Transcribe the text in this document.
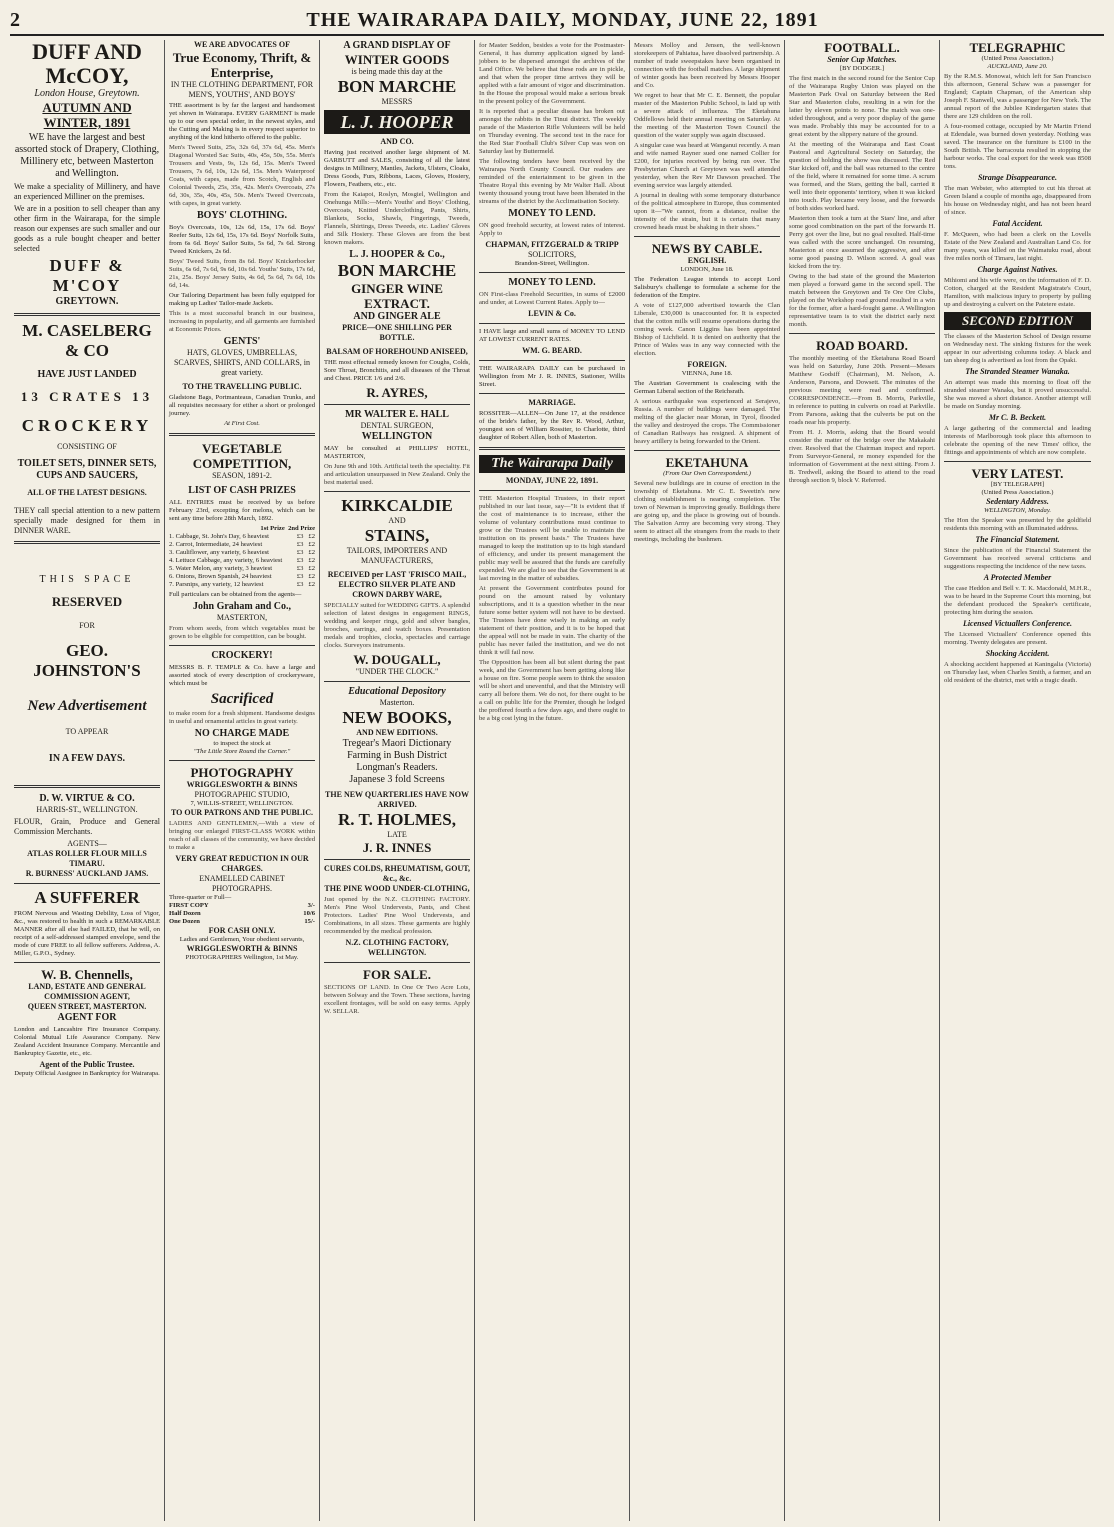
2	THE WAIRARAPA DAILY, MONDAY, JUNE 22, 1891
DUFF AND McCOY,
London House, Greytown.
AUTUMN AND WINTER, 1891

WE have the largest and best assorted stock of Drapery, Clothing, Millinery etc, between Masterton and Wellington.

We make a speciality of Millinery, and have an experienced Milliner on the premises.

We are in a position to sell cheaper than any other firm in the Wairarapa, for the simple reason our expenses are such smaller and our goods as a rule bought cheaper and better selected

DUFF & M'COY
GREYTOWN.
M. CASELBERG & CO
HAVE JUST LANDED
13 CRATES 13
CROCKERY
CONSISTING OF
TOILET SETS, DINNER SETS, CUPS AND SAUCERS,
ALL OF THE LATEST DESIGNS.

THEY call special attention to a new pattern specially made designed for them in DINNER WARE.

THIS SPACE
RESERVED
FOR
GEO.
JOHNSTON'S
New Advertisement
TO APPEAR
IN A FEW DAYS.
D. W. VIRTUE & CO.
HARRIS-ST., WELLINGTON.

FLOUR, Grain, Produce and General Commission Merchants.

AGENTS—
ATLAS ROLLER FLOUR MILLS TIMARU.
R. BURNESS' AUCKLAND JAMS.
A SUFFERER

FROM Nervous and Wasting Debility, Loss of Vigor, &c., was restored to health in such a REMARKABLE MANNER after all else had FAILED, that he will, on receipt of a self-addressed stamped envelope, send the mode of cure FREE to all fellow sufferers. Address, A. Miller, G.P.O., Sydney.

W. B. Chennells,
LAND, ESTATE AND GENERAL COMMISSION AGENT,
QUEEN STREET, MASTERTON.
AGENT FOR

London and Lancashire Fire Insurance Company. Colonial Mutual Life Assurance Company. New Zealand Accident Insurance Company. Mercantile and Bankruptcy Gazette, etc., etc.

Agent of the Public Trustee.
Deputy Official Assignee in Bankruptcy for Wairarapa.
WE ARE ADVOCATES OF
True Economy, Thrift, & Enterprise,
IN THE CLOTHING DEPARTMENT, FOR MEN'S, YOUTHS', AND BOYS'

THE assortment is by far the largest and handsomest yet shown in Wairarapa. EVERY GARMENT is made up to our own special order, in the newest styles, and the Cutting and Making is in every respect superior to anything of the kind hitherto offered to the public.

Men's Tweed Suits, 25s, 32s 6d, 37s 6d, 45s. Men's Diagonal Worsted Sac Suits, 40s, 45s, 50s, 55s. Men's Trousers and Vests, 9s, 12s 6d, 15s. Men's Tweed Trousers, 7s 6d, 10s, 12s 6d, 15s. Men's Waterproof Coats, with capes, made from Scotch, English and Colonial Tweeds, 25s, 35s, 42s. Men's Overcoats, 27s 6d, 30s, 35s, 40s, 45s, 50s. Men's Tweed Overcoats, with capes, in great variety.

BOYS' CLOTHING.

Boy's Overcoats, 10s, 12s 6d, 15s, 17s 6d. Boys' Reefer Suits, 12s 6d, 15s, 17s 6d. Boys' Norfolk Suits, from 6s 6d. Boys' Sailor Suits, 5s 6d, 7s 6d. Strong Tweed Knickers, 2s 6d.

Boys' Tweed Suits, from 8s 6d. Boys' Knickerbocker Suits, 6s 6d, 7s 6d, 9s 6d, 10s 6d. Youths' Suits, 17s 6d, 21s, 25s. Boys' Jersey Suits, 4s 6d, 5s 6d, 7s 6d, 10s 6d, 14s.

Our Tailoring Department has been fully equipped for making up Ladies' Tailor-made Jackets.

This is a most successful branch in our business, increasing in popularity, and all garments are furnished at Economic Prices.

GENTS'
HATS, GLOVES, UMBRELLAS, SCARVES, SHIRTS, AND COLLARS, in great variety.
TO THE TRAVELLING PUBLIC.

Gladstone Bags, Portmanteaus, Canadian Trunks, and all requisites necessary for either a short or prolonged journey.

At First Cost.
VEGETABLE COMPETITION,
SEASON, 1891-2.
LIST OF CASH PRIZES

ALL ENTRIES must be received by us before February 23rd, excepting for melons, which can be sent any time before 28th March, 1892.

1st Prize 2nd Prize
1. Cabbage, St. John's Day, 6 heaviest	£3 £2
2. Carrot, Intermediate, 24 heaviest	£3 £2
3. Cauliflower, any variety, 6 heaviest	£3 £2
4. Lettuce Cabbage, any variety, 6 heaviest £3 £2
5. Water Melon, any variety, 3 heaviest	£3 £2
6. Onions, Brown Spanish, 24 heaviest	£3 £2
7. Parsnips, any variety, 12 heaviest	£3 £2

Full particulars can be obtained from the agents—

John Graham and Co.,
MASTERTON,

From whom seeds, from which vegetables must be grown to be eligible for competition, can be bought.

CROCKERY!

MESSRS B. F. TEMPLE & Co. have a large and assorted stock of every description of crockeryware, which must be

Sacrificed

to make room for a fresh shipment. Handsome designs in useful and ornamental articles in great variety.

NO CHARGE MADE
to inspect the stock at
"The Little Store Round the Corner."
PHOTOGRAPHY
WRIGGLESWORTH & BINNS
PHOTOGRAPHIC STUDIO,
7, WILLIS-STREET, WELLINGTON.
TO OUR PATRONS AND THE PUBLIC.

LADIES AND GENTLEMEN,—With a view of bringing our enlarged FIRST-CLASS WORK within reach of all classes of the community, we have decided to make a

VERY GREAT REDUCTION IN OUR CHARGES.
ENAMELLED CABINET PHOTOGRAPHS.
Three-quarter or Full—
FIRST COPY	3/-
Half Dozen	10/6
One Dozen	15/-
FOR CASH ONLY.
Ladies and Gentlemen, Your obedient servants,
WRIGGLESWORTH & BINNS
PHOTOGRAPHERS Wellington, 1st May.
A GRAND DISPLAY OF
WINTER GOODS
is being made this day at the
BON MARCHE
MESSRS
L. J. HOOPER
AND CO.

Having just received another large shipment of M. GARBUTT and SALES, consisting of all the latest designs in Millinery, Mantles, Jackets, Ulsters, Cloaks, Dress Goods, Furs, Ribbons, Laces, Gloves, Hosiery, Flowers, Feathers, etc., etc.

From the Kaiapoi, Roslyn, Mosgiel, Wellington and Onehunga Mills:—Men's Youths' and Boys' Clothing, Overcoats, Knitted Underclothing, Pants, Shirts, Blankets, Socks, Shawls, Fingerings, Tweeds, Flannels, Shirtings, Dress Tweeds, etc. Ladies' Gloves and Silk Hosiery. These Gloves are from the best known makers.

L. J. HOOPER & Co.,
BON MARCHE
GINGER WINE EXTRACT.
AND GINGER ALE
PRICE—ONE SHILLING PER BOTTLE.
BALSAM OF HOREHOUND ANISEED,

THE most effectual remedy known for Coughs, Colds, Sore Throat, Bronchitis, and all diseases of the Throat and Chest. PRICE 1/6 and 2/6.

R. AYRES,
MR WALTER E. HALL
DENTAL SURGEON,
WELLINGTON

MAY be consulted at PHILLIPS' HOTEL, MASTERTON,

On June 9th and 10th. Artificial teeth the speciality. Fit and articulation unsurpassed in New Zealand. Only the best material used.

KIRKCALDIE
AND
STAINS,
TAILORS, IMPORTERS AND MANUFACTURERS,
RECEIVED per LAST 'FRISCO MAIL,
ELECTRO SILVER PLATE AND CROWN DARBY WARE,

SPECIALLY suited for WEDDING GIFTS. A splendid selection of latest designs in engagement RINGS, wedding and keeper rings, gold and silver bangles, brooches, earrings, and watch boxes. Presentation medals and trophies, clocks, spectacles and carriage clocks. Surveyors instruments.

W. DOUGALL,
"UNDER THE CLOCK."
Educational Depository
Masterton.
NEW BOOKS,
AND NEW EDITIONS.
Tregear's Maori Dictionary
Farming in Bush District
Longman's Readers.
Japanese 3 fold Screens
THE NEW QUARTERLIES HAVE NOW ARRIVED.
R. T. HOLMES,
LATE
J. R. INNES
CURES COLDS, RHEUMATISM, GOUT, &c., &c.
THE PINE WOOD UNDER-CLOTHING,

Just opened by the N.Z. CLOTHING FACTORY. Men's Pine Wool Undervests, Pants, and Chest Protectors. Ladies' Pine Wool Undervests, and Combinations, in all sizes. These garments are highly recommended by the medical profession.

N.Z. CLOTHING FACTORY, WELLINGTON.
FOR SALE.

SECTIONS OF LAND. In One Or Two Acre Lots, between Solway and the Town. These sections, having excellent frontages, will be sold on easy terms. Apply W. SELLAR.

for Master Seddon, besides a vote for the Postmaster-General, it has dummy application signed by land-jobbers to be dispersed amongst the archives of the Land Office. We believe that these rods are in pickle, and that when the proper time arrives they will be applied with a fair amount of vigor and discrimination. In the House the proposal would make a serious break in the present policy of the Government.

It is reported that a peculiar disease has broken out amongst the rabbits in the Tinui district. The weekly parade of the Masterton Rifle Volunteers will be held on Thursday evening. The second test in the race for the Red Star Football Club's Silver Cup was won on Saturday last by Buttermeld.

The following tenders have been received by the Wairarapa North County Council. Our readers are reminded of the entertainment to be given in the Theatre Royal this evening by Mr Walter Hall. About twenty thousand young trout have been liberated in the streams of the district by the Acclimatisation Society.

MONEY TO LEND.

ON good freehold security, at lowest rates of interest. Apply to

CHAPMAN, FITZGERALD & TRIPP
SOLICITORS,
Brandon-Street, Wellington.
MONEY TO LEND.

ON First-class Freehold Securities, in sums of £2000 and under, at Lowest Current Rates. Apply to—

LEVIN & Co.

I HAVE large and small sums of MONEY TO LEND AT LOWEST CURRENT RATES.

WM. G. BEARD.

THE WAIRARAPA DAILY can be purchased in Wellington from Mr J. R. INNES, Stationer, Willis Street.

MARRIAGE.

ROSSITER—ALLEN—On June 17, at the residence of the bride's father, by the Rev R. Wood, Arthur, youngest son of William Rossiter, to Charlotte, third daughter of Robert Allen, both of Masterton.

The Wairarapa Daily
MONDAY, JUNE 22, 1891.

THE Masterton Hospital Trustees, in their report published in our last issue, say—"It is evident that if the cost of maintenance is to increase, either the volume of voluntary contributions must continue to grow or the Trustees will be unable to maintain the institution on its present basis." The Trustees have managed to keep the institution up to its high standard of efficiency, and under its present management the public may well be assured that the funds are carefully expended. We are glad to see that the Government is at last moving in the matter of subsidies.

At present the Government contributes pound for pound on the amount raised by voluntary subscriptions, and it is a question whether in the near future some better system will not have to be devised. The Trustees have done wisely in making an early statement of their position, and it is to be hoped that the appeal will not be made in vain. The charity of the public has never failed the institution, and we do not think it will fail now.

The Opposition has been all but silent during the past week, and the Government has been getting along like a house on fire. Some people seem to think the session will be short and uneventful, and that the Ministry will carry all before them. We do not, for there ought to be a call on public life for the Premier, though he lodged the proffered fourth a few days ago, and there ought to be a big cost lying in the future.

Messrs Molloy and Jensen, the well-known storekeepers of Pahiatua, have dissolved partnership. A number of trade sweepstakes have been organised in connection with the football matches. A large shipment of winter goods has been received by Messrs Hooper and Co.

We regret to hear that Mr C. E. Bennett, the popular master of the Masterton Public School, is laid up with a severe attack of influenza. The Eketahuna Oddfellows held their annual meeting on Saturday. At the meeting of the Masterton Town Council the question of the water supply was again discussed.

A singular case was heard at Wanganui recently. A man and wife named Rayner sued one named Collier for £200, for injuries received by being run over. The Presbyterian Church at Greytown was well attended yesterday, when the Rev Mr Dawson preached. The evening service was largely attended.

A journal in dealing with some temporary disturbance of the political atmosphere in Europe, thus commented upon it—"We cannot, from a distance, realise the intensity of the strain, but it is certain that many crowned heads must be shaking in their shoes."

NEWS BY CABLE.
ENGLISH.
LONDON, June 18.

The Federation League intends to accept Lord Salisbury's challenge to formulate a scheme for the federation of the Empire.

A vote of £127,000 advertised towards the Clan Liberale, £30,000 is unaccounted for. It is expected that the cotton mills will resume operations during the coming week. Canon Liggins has been appointed Bishop of Lichfield. It is denied on authority that the Prince of Wales was in any way connected with the election.

FOREIGN.
VIENNA, June 18.

The Austrian Government is coalescing with the German Liberal section of the Reichsrath.

A serious earthquake was experienced at Serajevo, Russia. A number of buildings were damaged. The melting of the glacier near Moran, in Tyrol, flooded the valley and destroyed the crops. The Commissioner of Canadian Railways has resigned. A shipment of heavy artillery is being forwarded to the Orient.

EKETAHUNA
(From Our Own Correspondent.)

Several new buildings are in course of erection in the township of Eketahuna. Mr C. E. Sweetin's new clothing establishment is nearing completion. The town of Newman is improving greatly. Buildings there are going up, and the place is growing out of bounds. The Salvation Army are becoming very strong. They seem to attract all the strangers from the roads to their meetings, including the bushmen.

FOOTBALL.
Senior Cup Matches.
[BY DODGER.]

The first match in the second round for the Senior Cup of the Wairarapa Rugby Union was played on the Masterton Park Oval on Saturday between the Red Star and Masterton clubs, resulting in a win for the latter by eleven points to none. The match was one-sided throughout, and a very poor display of the game was made. Probably this may be accounted for to a great extent by the slippery nature of the ground.

At the meeting of the Wairarapa and East Coast Pastoral and Agricultural Society on Saturday, the question of holding the show was discussed. The Red Star kicked off, and the ball was returned to the centre of the field, where it remained for some time. A scrum was formed, and the Stars, getting the ball, carried it well into their opponents' territory, when it was kicked into touch. Play became very loose, and the forwards of both sides worked hard.

Masterton then took a turn at the Stars' line, and after some good combination on the part of the forwards H. Perry got over the line, but no goal resulted. Half-time was called with the score unchanged. On resuming, Masterton at once assumed the aggressive, and after some good passing D. Wilson scored. A goal was kicked from the try.

Owing to the bad state of the ground the Masterton men played a forward game in the second spell. The match between the Greytown and Te Ore Ore Clubs, played on the Workshop road ground resulted in a win for the former, after a hard-fought game. A Wellington representative team is to visit the district early next month.

ROAD BOARD.

The monthly meeting of the Eketahuna Road Board was held on Saturday, June 20th. Present—Messrs Matthew Godsiff (Chairman), M. Nelson, A. Anderson, Parsons, and Dowsett. The minutes of the previous meeting were read and confirmed. CORRESPONDENCE.—From B. Morris, Parkville, in reference to putting in culverts on road at Parkville. From Parsons, asking that the culverts be put on the roads near his property.

From H. J. Morris, asking that the Board would consider the matter of the bridge over the Makakahi river. Resolved that the Chairman inspect and report. From Surveyor-General, re money expended for the information of Government at the next sitting. From J. B. Tredwell, asking the Board to attend to the road through section 9, block V. Referred.

TELEGRAPHIC
(United Press Association.)
AUCKLAND, June 20.

By the R.M.S. Monowai, which left for San Francisco this afternoon, General Schaw was a passenger for England; Captain Chapman, of the American ship Joseph F. Stanwell, was a passenger for New York. The annual report of the Jubilee Kindergarten states that there are 129 children on the roll.

A four-roomed cottage, occupied by Mr Martin Friend at Edendale, was burned down yesterday. Nothing was saved. The insurance on the furniture is £100 in the South British. The barracouta resulted in stopping the harbour works. The coal export for the week was 8508 tons.

Strange Disappearance.

The man Webster, who attempted to cut his throat at Green Island a couple of months ago, disappeared from his house on Wednesday night, and has not been heard of since.

Fatal Accident.

F. McQueen, who had been a clerk on the Lovells Estate of the New Zealand and Australian Land Co. for many years, was killed on the Waimatuku road, about five miles north of Timaru, last night.

Charge Against Natives.

Mihiomi and his wife were, on the information of F. D. Cotton, charged at the Resident Magistrate's Court, Hamilton, with malicious injury to property by pulling up and destroying a culvert on the Patetere estate.

SECOND EDITION

The classes of the Masterton School of Design resume on Wednesday next. The sinking fixtures for the week appear in our advertising columns today. A black and tan sheep dog is advertised as lost from the Opaki.

The Stranded Steamer Wanaka.

An attempt was made this morning to float off the stranded steamer Wanaka, but it proved unsuccessful. She was moved a short distance. Another attempt will be made on Sunday morning.

Mr C. B. Beckett.

A large gathering of the commercial and leading interests of Marlborough took place this afternoon to celebrate the opening of the new Times' office, the fittings and appointments of which are now complete.

VERY LATEST.
[BY TELEGRAPH]
(United Press Association.)
Sedentary Address.
WELLINGTON, Monday.

The Hon the Speaker was presented by the goldfield residents this morning with an illuminated address.

The Financial Statement.

Since the publication of the Financial Statement the Government has received several criticisms and suggestions respecting the incidence of the new taxes.

A Protected Member

The case Heddon and Bell v. T. K. Macdonald, M.H.R., was to be heard in the Supreme Court this morning, but the defendant produced the Speaker's certificate, protecting him during the session.

Licensed Victuallers Conference.

The Licensed Victuallers' Conference opened this morning. Twenty delegates are present.

Shocking Accident.

A shocking accident happened at Kaningalia (Victoria) on Thursday last, when Charles Smith, a farmer, and an old resident of the district, met with a tragic death.
